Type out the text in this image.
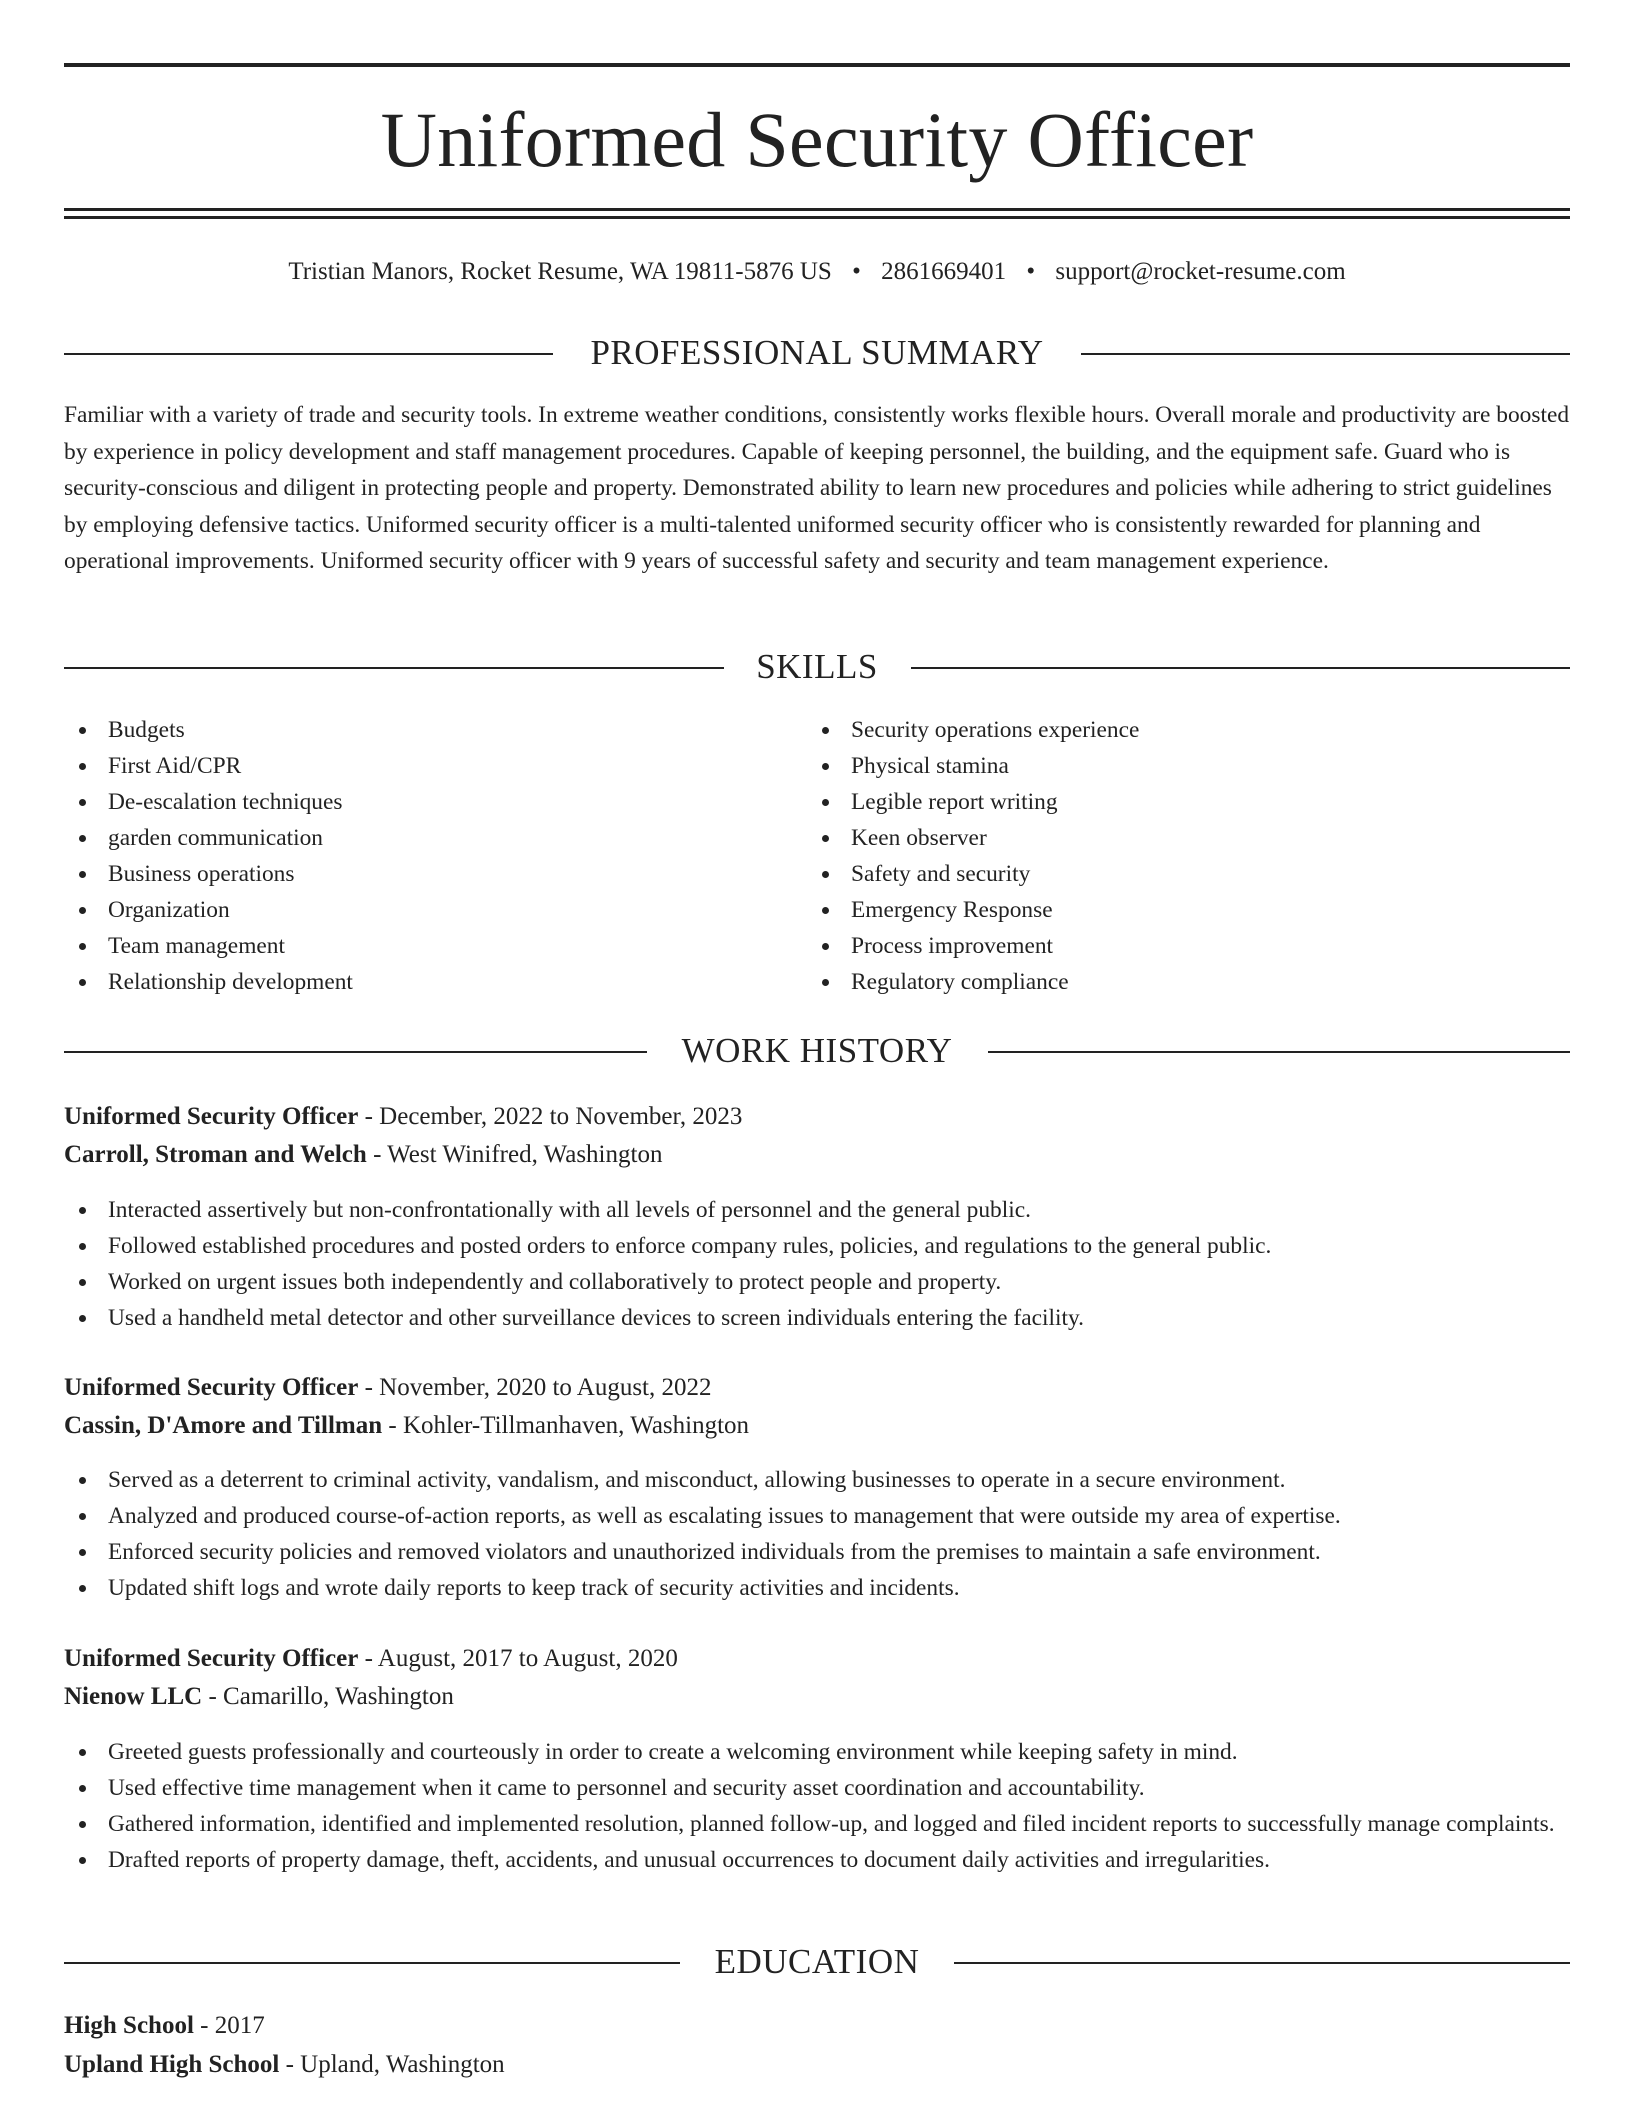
Uniformed Security Officer
Tristian Manors, Rocket Resume, WA 19811-5876 US • 2861669401 • support@rocket-resume.com
PROFESSIONAL SUMMARY

Familiar with a variety of trade and security tools. In extreme weather conditions, consistently works flexible hours. Overall morale and productivity are boosted by experience in policy development and staff management procedures. Capable of keeping personnel, the building, and the equipment safe. Guard who is security-conscious and diligent in protecting people and property. Demonstrated ability to learn new procedures and policies while adhering to strict guidelines by employing defensive tactics. Uniformed security officer is a multi-talented uniformed security officer who is consistently rewarded for planning and operational improvements. Uniformed security officer with 9 years of successful safety and security and team management experience.

SKILLS
Budgets
First Aid/CPR
De-escalation techniques
garden communication
Business operations
Organization
Team management
Relationship development
Security operations experience
Physical stamina
Legible report writing
Keen observer
Safety and security
Emergency Response
Process improvement
Regulatory compliance
WORK HISTORY
Uniformed Security Officer - December, 2022 to November, 2023
Carroll, Stroman and Welch - West Winifred, Washington
Interacted assertively but non-confrontationally with all levels of personnel and the general public.
Followed established procedures and posted orders to enforce company rules, policies, and regulations to the general public.
Worked on urgent issues both independently and collaboratively to protect people and property.
Used a handheld metal detector and other surveillance devices to screen individuals entering the facility.
Uniformed Security Officer - November, 2020 to August, 2022
Cassin, D'Amore and Tillman - Kohler-Tillmanhaven, Washington
Served as a deterrent to criminal activity, vandalism, and misconduct, allowing businesses to operate in a secure environment.
Analyzed and produced course-of-action reports, as well as escalating issues to management that were outside my area of expertise.
Enforced security policies and removed violators and unauthorized individuals from the premises to maintain a safe environment.
Updated shift logs and wrote daily reports to keep track of security activities and incidents.
Uniformed Security Officer - August, 2017 to August, 2020
Nienow LLC - Camarillo, Washington
Greeted guests professionally and courteously in order to create a welcoming environment while keeping safety in mind.
Used effective time management when it came to personnel and security asset coordination and accountability.
Gathered information, identified and implemented resolution, planned follow-up, and logged and filed incident reports to successfully manage complaints.
Drafted reports of property damage, theft, accidents, and unusual occurrences to document daily activities and irregularities.
EDUCATION
High School - 2017
Upland High School - Upland, Washington
